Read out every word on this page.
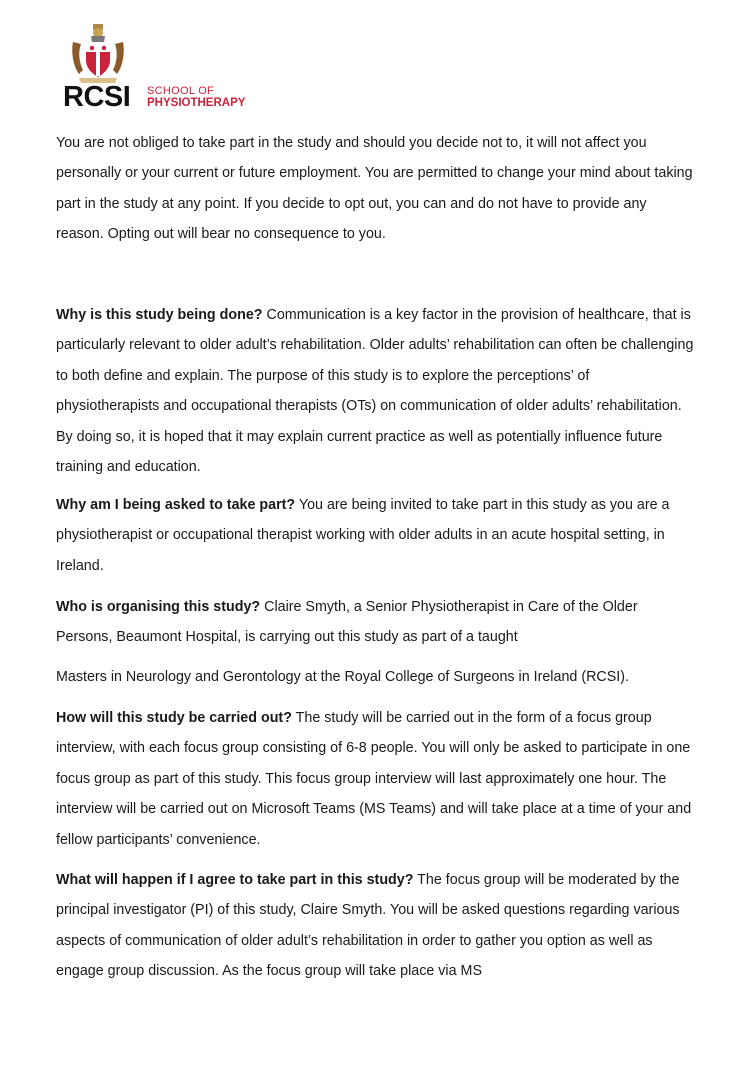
RCSI SCHOOL OF
PHYSIOTHERAPY

You are not obliged to take part in the study and should you decide not to, it will not affect you personally or your current or future employment. You are permitted to change your mind about taking part in the study at any point. If you decide to opt out, you can and do not have to provide any reason. Opting out will bear no consequence to you.

Why is this study being done? Communication is a key factor in the provision of healthcare, that is particularly relevant to older adult’s rehabilitation. Older adults’ rehabilitation can often be challenging to both define and explain. The purpose of this study is to explore the perceptions’ of physiotherapists and occupational therapists (OTs) on communication of older adults’ rehabilitation. By doing so, it is hoped that it may explain current practice as well as potentially influence future training and education.

Why am I being asked to take part? You are being invited to take part in this study as you are a physiotherapist or occupational therapist working with older adults in an acute hospital setting, in Ireland.

Who is organising this study? Claire Smyth, a Senior Physiotherapist in Care of the Older Persons, Beaumont Hospital, is carrying out this study as part of a taught

Masters in Neurology and Gerontology at the Royal College of Surgeons in Ireland (RCSI).

How will this study be carried out? The study will be carried out in the form of a focus group interview, with each focus group consisting of 6-8 people. You will only be asked to participate in one focus group as part of this study. This focus group interview will last approximately one hour. The interview will be carried out on Microsoft Teams (MS Teams) and will take place at a time of your and fellow participants’ convenience.

What will happen if I agree to take part in this study? The focus group will be moderated by the principal investigator (PI) of this study, Claire Smyth. You will be asked questions regarding various aspects of communication of older adult’s rehabilitation in order to gather you option as well as engage group discussion. As the focus group will take place via MS
